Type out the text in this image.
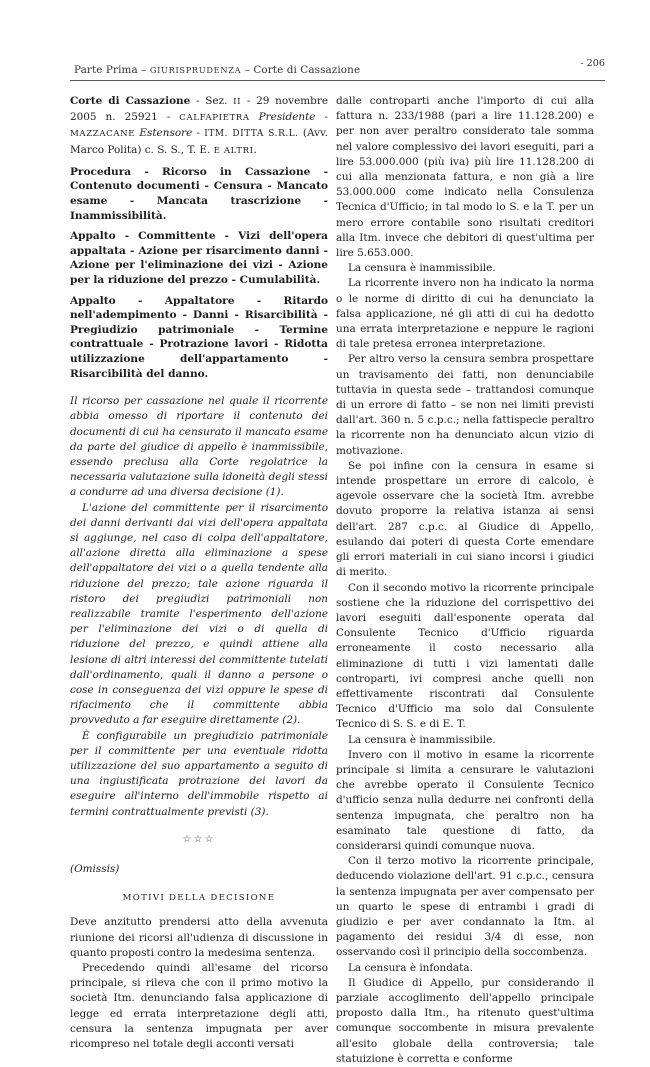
Parte Prima – GIURISPRUDENZA – Corte di Cassazione
- 206

Corte di Cassazione - Sez. II - 29 novembre 2005 n. 25921 - CALFAPIETRA Presidente - MAZZACANE Estensore - ITM. DITTA S.R.L. (Avv. Marco Polita) c. S. S., T. E. E ALTRI.

Procedura - Ricorso in Cassazione - Contenuto documenti - Censura - Mancato esame - Mancata trascrizione - Inammissibilità.

Appalto - Committente - Vizi dell'opera appaltata - Azione per risarcimento danni - Azione per l'eliminazione dei vizi - Azione per la riduzione del prezzo - Cumulabilità.

Appalto - Appaltatore - Ritardo nell'adempimento - Danni - Risarcibilità - Pregiudizio patrimoniale - Termine contrattuale - Protrazione lavori - Ridotta utilizzazione dell'appartamento - Risarcibilità del danno.

Il ricorso per cassazione nel quale il ricorrente abbia omesso di riportare il contenuto dei documenti di cui ha censurato il mancato esame da parte del giudice di appello è inammissibile, essendo preclusa alla Corte regolatrice la necessaria valutazione sulla idoneità degli stessi a condurre ad una diversa decisione (1).

L'azione del committente per il risarcimento dei danni derivanti dai vizi dell'opera appaltata si aggiunge, nel caso di colpa dell'appaltatore, all'azione diretta alla eliminazione a spese dell'appaltatore dei vizi o a quella tendente alla riduzione del prezzo; tale azione riguarda il ristoro dei pregiudizi patrimoniali non realizzabile tramite l'esperimento dell'azione per l'eliminazione dei vizi o di quella di riduzione del prezzo, e quindi attiene alla lesione di altri interessi del committente tutelati dall'ordinamento, quali il danno a persone o cose in conseguenza dei vizi oppure le spese di rifacimento che il committente abbia provveduto a far eseguire direttamente (2).

È configurabile un pregiudizio patrimoniale per il committente per una eventuale ridotta utilizzazione del suo appartamento a seguito di una ingiustificata protrazione dei lavori da eseguire all'interno dell'immobile rispetto ai termini contrattualmente previsti (3).

☆☆☆

(Omissis)

MOTIVI DELLA DECISIONE

Deve anzitutto prendersi atto della avvenuta riunione dei ricorsi all'udienza di discussione in quanto proposti contro la medesima sentenza.

Precedendo quindi all'esame del ricorso principale, si rileva che con il primo motivo la società Itm. denunciando falsa applicazione di legge ed errata interpretazione degli atti, censura la sentenza impugnata per aver ricompreso nel totale degli acconti versati

dalle controparti anche l'importo di cui alla fattura n. 233/1988 (pari a lire 11.128.200) e per non aver peraltro considerato tale somma nel valore complessivo dei lavori eseguiti, pari a lire 53.000.000 (più iva) più lire 11.128.200 di cui alla menzionata fattura, e non già a lire 53.000.000 come indicato nella Consulenza Tecnica d'Ufficio; in tal modo lo S. e la T. per un mero errore contabile sono risultati creditori alla Itm. invece che debitori di quest'ultima per lire 5.653.000.

La censura è inammissibile.

La ricorrente invero non ha indicato la norma o le norme di diritto di cui ha denunciato la falsa applicazione, né gli atti di cui ha dedotto una errata interpretazione e neppure le ragioni di tale pretesa erronea interpretazione.

Per altro verso la censura sembra prospettare un travisamento dei fatti, non denunciabile tuttavia in questa sede – trattandosi comunque di un errore di fatto – se non nei limiti previsti dall'art. 360 n. 5 c.p.c.; nella fattispecie peraltro la ricorrente non ha denunciato alcun vizio di motivazione.

Se poi infine con la censura in esame si intende prospettare un errore di calcolo, è agevole osservare che la società Itm. avrebbe dovuto proporre la relativa istanza ai sensi dell'art. 287 c.p.c. al Giudice di Appello, esulando dai poteri di questa Corte emendare gli errori materiali in cui siano incorsi i giudici di merito.

Con il secondo motivo la ricorrente principale sostiene che la riduzione del corrispettivo dei lavori eseguiti dall'esponente operata dal Consulente Tecnico d'Ufficio riguarda erroneamente il costo necessario alla eliminazione di tutti i vizi lamentati dalle controparti, ivi compresi anche quelli non effettivamente riscontrati dal Consulente Tecnico d'Ufficio ma solo dal Consulente Tecnico di S. S. e di E. T.

La censura è inammissibile.

Invero con il motivo in esame la ricorrente principale si limita a censurare le valutazioni che avrebbe operato il Consulente Tecnico d'ufficio senza nulla dedurre nei confronti della sentenza impugnata, che peraltro non ha esaminato tale questione di fatto, da considerarsi quindi comunque nuova.

Con il terzo motivo la ricorrente principale, deducendo violazione dell'art. 91 c.p.c., censura la sentenza impugnata per aver compensato per un quarto le spese di entrambi i gradi di giudizio e per aver condannato la Itm. al pagamento dei residui 3/4 di esse, non osservando così il principio della soccombenza.

La censura è infondata.

Il Giudice di Appello, pur considerando il parziale accoglimento dell'appello principale proposto dalla Itm., ha ritenuto quest'ultima comunque soccombente in misura prevalente all'esito globale della controversia; tale statuizione è corretta e conforme
